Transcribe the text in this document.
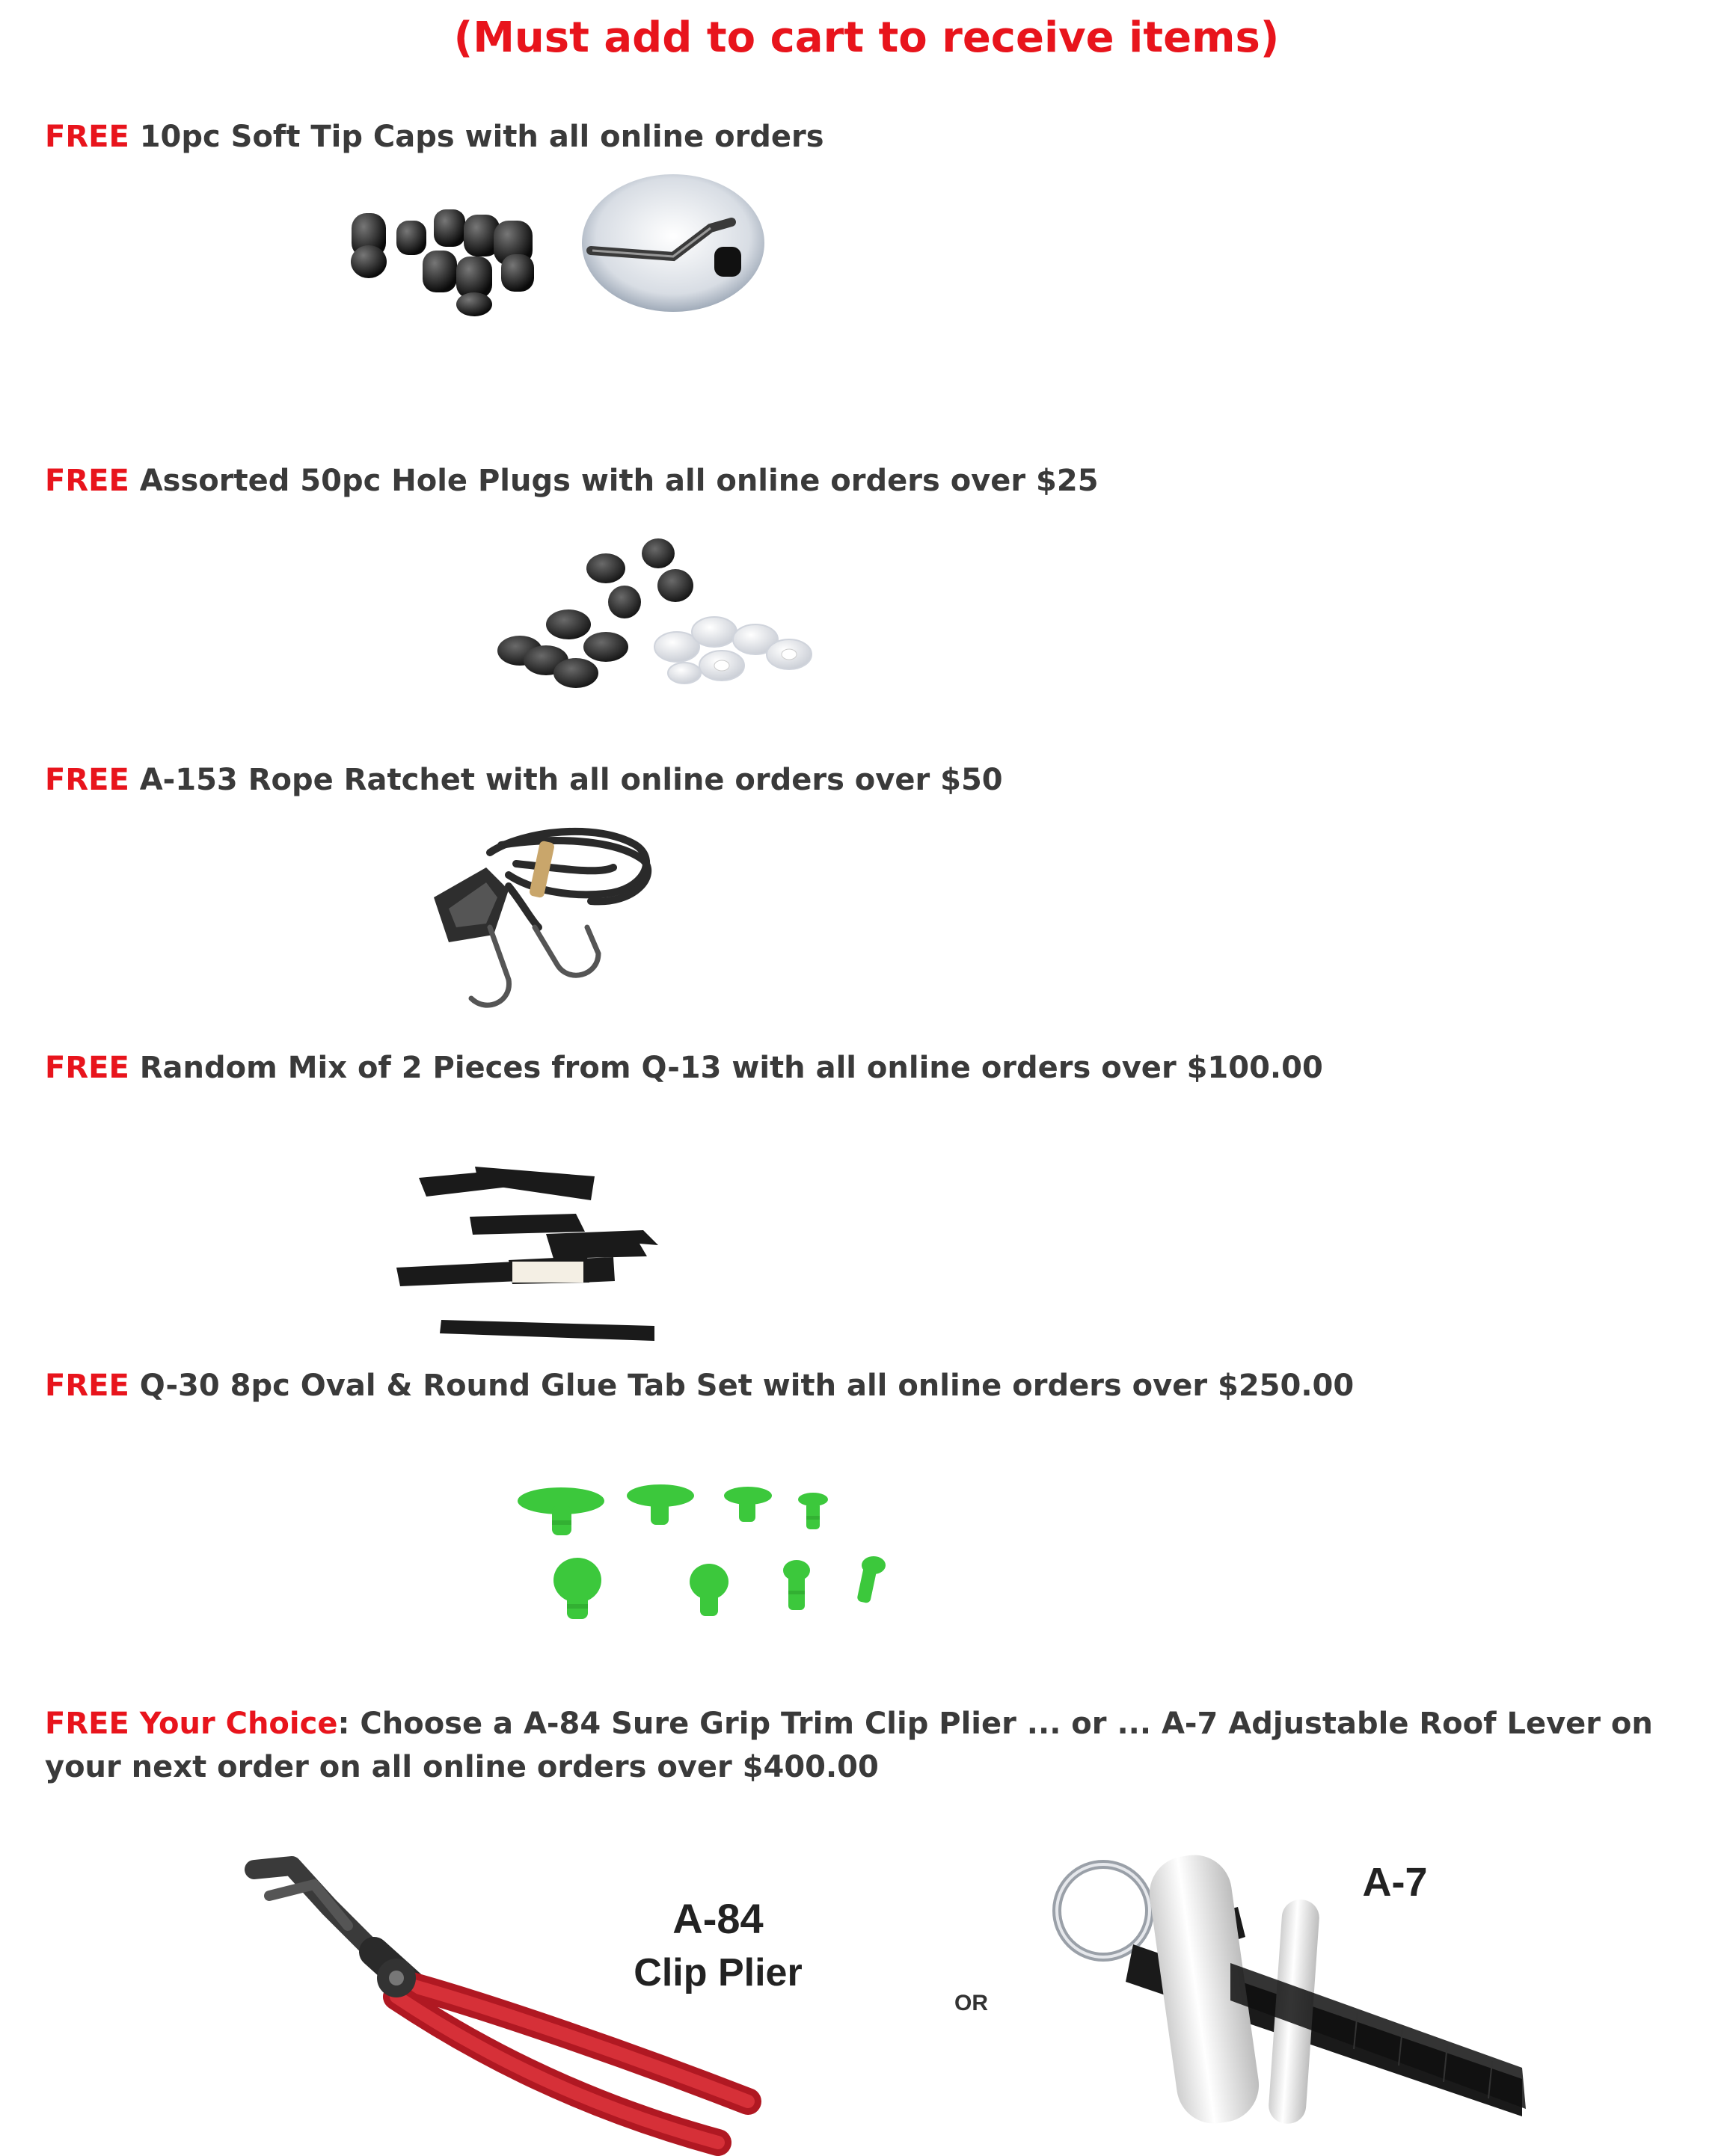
(Must add to cart to receive items)
FREE 10pc Soft Tip Caps with all online orders
FREE Assorted 50pc Hole Plugs with all online orders over $25
FREE A-153 Rope Ratchet with all online orders over $50
FREE Random Mix of 2 Pieces from Q-13 with all online orders over $100.00
FREE Q-30 8pc Oval & Round Glue Tab Set with all online orders over $250.00
FREE Your Choice: Choose a A-84 Sure Grip Trim Clip Plier ... or ... A-7 Adjustable Roof Lever on your next order on all online orders over $400.00
A-84
Clip Plier
OR
A-7
